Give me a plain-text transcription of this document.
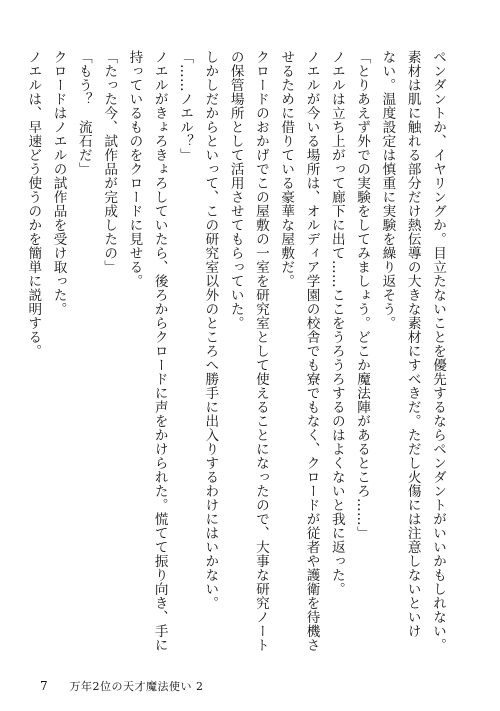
ペンダントか、イヤリングか。目立たないことを優先するならペンダントがいいかもしれない。
素材は肌に触れる部分だけ熱伝導の大きな素材にすべきだ。ただし火傷には注意しないといけ
ない。温度設定は慎重に実験を繰り返そう。
「とりあえず外での実験をしてみましょう。どこか魔法陣があるところ……」
ノエルは立ち上がって廊下に出て……ここをうろうろするのはよくないと我に返った。
ノエルが今いる場所は、オルディア学園の校舎でも寮でもなく、クロードが従者や護衛を待機さ
せるために借りている豪華な屋敷だ。
クロードのおかげでこの屋敷の一室を研究室として使えることになったので、大事な研究ノート
の保管場所として活用させてもらっていた。
しかしだからといって、この研究室以外のところへ勝手に出入りするわけにはいかない。
「……ノエル？」
ノエルがきょろきょろしていたら、後ろからクロードに声をかけられた。慌てて振り向き、手に
持っているものをクロードに見せる。
「たった今、試作品が完成したの」
「もう？　流石だ」
クロードはノエルの試作品を受け取った。
ノエルは、早速どう使うのかを簡単に説明する。
7 万年2位の天才魔法使い 2
